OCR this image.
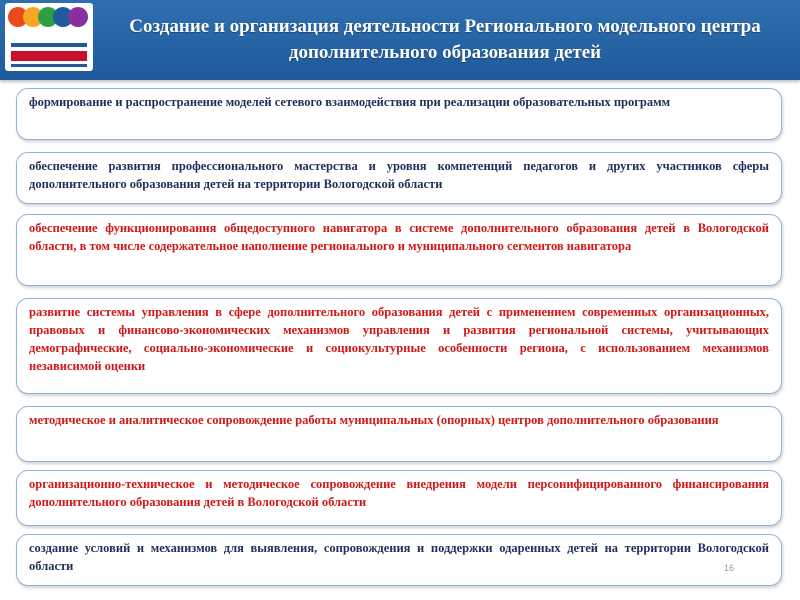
Создание и организация деятельности Регионального модельного центра дополнительного образования детей
формирование и распространение моделей сетевого взаимодействия при реализации образовательных программ
обеспечение развития профессионального мастерства и уровня компетенций педагогов и других участников сферы дополнительного образования детей на территории Вологодской области
обеспечение функционирования общедоступного навигатора в системе дополнительного образования детей в Вологодской области, в том числе содержательное наполнение регионального и муниципального сегментов навигатора
развитие системы управления в сфере дополнительного образования детей с применением современных организационных, правовых и финансово-экономических механизмов управления и развития региональной системы, учитывающих демографические, социально-экономические и социокультурные особенности региона, с использованием механизмов независимой оценки
методическое и аналитическое сопровождение работы муниципальных (опорных) центров дополнительного образования
организационно-техническое и методическое сопровождение внедрения модели персонифицированного финансирования дополнительного образования детей в Вологодской области
создание условий и механизмов для выявления, сопровождения и поддержки одаренных детей на территории Вологодской области	16
